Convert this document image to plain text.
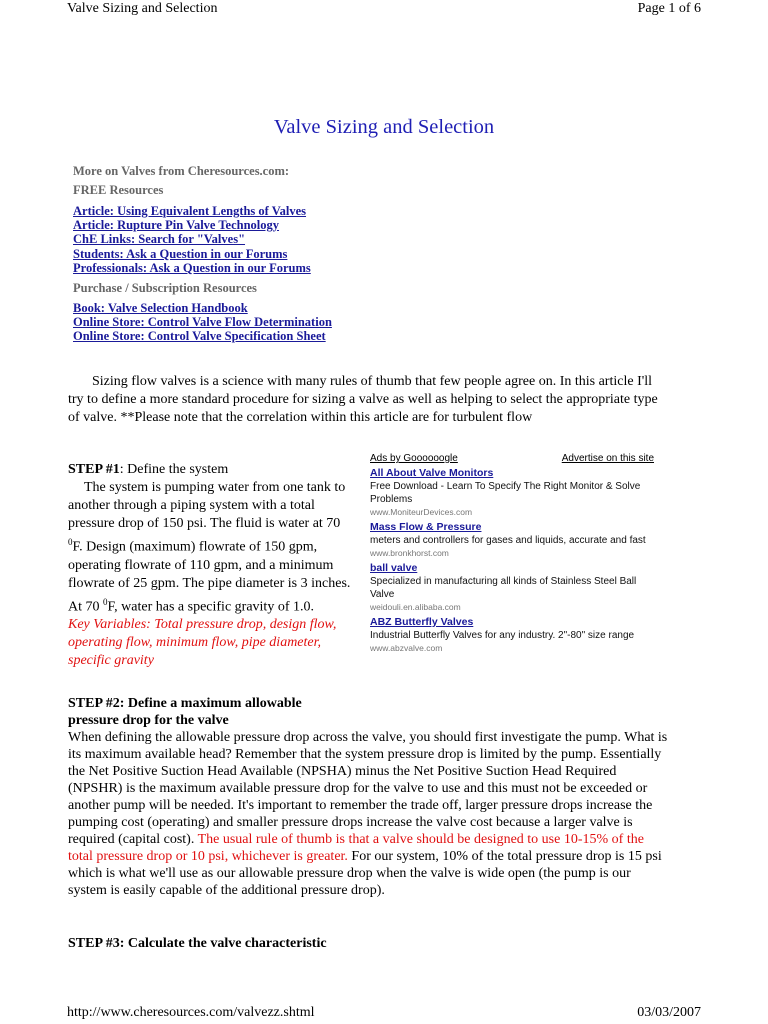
Valve Sizing and Selection	Page 1 of 6
Valve Sizing and Selection
More on Valves from Cheresources.com:
FREE Resources
Article: Using Equivalent Lengths of Valves
Article: Rupture Pin Valve Technology
ChE Links: Search for "Valves"
Students: Ask a Question in our Forums
Professionals: Ask a Question in our Forums
Purchase / Subscription Resources
Book: Valve Selection Handbook
Online Store: Control Valve Flow Determination
Online Store: Control Valve Specification Sheet
Sizing flow valves is a science with many rules of thumb that few people agree on. In this article I'll try to define a more standard procedure for sizing a valve as well as helping to select the appropriate type of valve. **Please note that the correlation within this article are for turbulent flow
STEP #1: Define the system
The system is pumping water from one tank to another through a piping system with a total pressure drop of 150 psi. The fluid is water at 70 $^0$F. Design (maximum) flowrate of 150 gpm, operating flowrate of 110 gpm, and a minimum flowrate of 25 gpm. The pipe diameter is 3 inches. At 70 $^0$F, water has a specific gravity of 1.0.
Key Variables: Total pressure drop, design flow, operating flow, minimum flow, pipe diameter, specific gravity
Ads by Goooooogle	Advertise on this site
All About Valve Monitors
Free Download - Learn To Specify The Right Monitor & Solve Problems
www.MoniteurDevices.com
Mass Flow & Pressure
meters and controllers for gases and liquids, accurate and fast
www.bronkhorst.com
ball valve
Specialized in manufacturing all kinds of Stainless Steel Ball Valve
weidouli.en.alibaba.com
ABZ Butterfly Valves
Industrial Butterfly Valves for any industry. 2"-80" size range
www.abzvalve.com
STEP #2: Define a maximum allowable
pressure drop for the valve
When defining the allowable pressure drop across the valve, you should first investigate the pump. What is its maximum available head? Remember that the system pressure drop is limited by the pump. Essentially the Net Positive Suction Head Available (NPSHA) minus the Net Positive Suction Head Required (NPSHR) is the maximum available pressure drop for the valve to use and this must not be exceeded or another pump will be needed. It's important to remember the trade off, larger pressure drops increase the pumping cost (operating) and smaller pressure drops increase the valve cost because a larger valve is required (capital cost). The usual rule of thumb is that a valve should be designed to use 10-15% of the total pressure drop or 10 psi, whichever is greater. For our system, 10% of the total pressure drop is 15 psi which is what we'll use as our allowable pressure drop when the valve is wide open (the pump is our system is easily capable of the additional pressure drop).
STEP #3: Calculate the valve characteristic
http://www.cheresources.com/valvezz.shtml	03/03/2007
